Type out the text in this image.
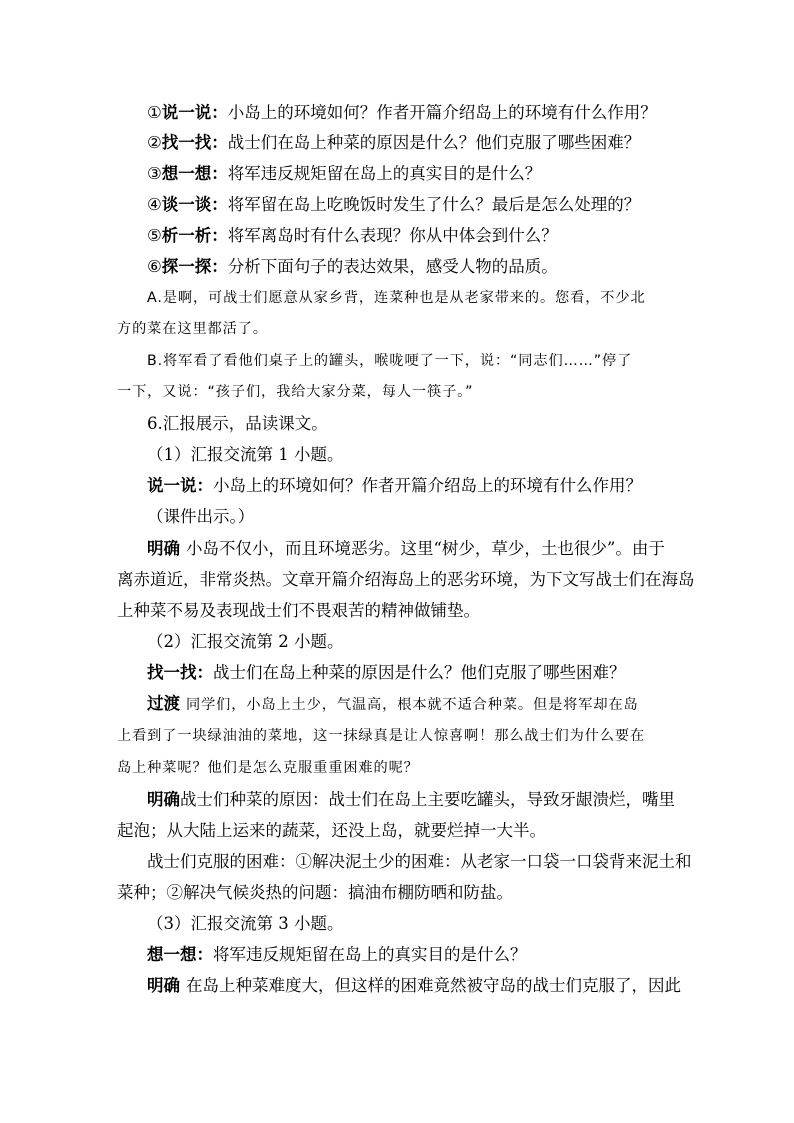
①说一说：小岛上的环境如何？作者开篇介绍岛上的环境有什么作用？
②找一找：战士们在岛上种菜的原因是什么？他们克服了哪些困难？
③想一想：将军违反规矩留在岛上的真实目的是什么？
④谈一谈：将军留在岛上吃晚饭时发生了什么？最后是怎么处理的？
⑤析一析：将军离岛时有什么表现？你从中体会到什么？
⑥探一探：分析下面句子的表达效果，感受人物的品质。
A.是啊，可战士们愿意从家乡背，连菜种也是从老家带来的。您看，不少北
方的菜在这里都活了。
B.将军看了看他们桌子上的罐头，喉咙哽了一下，说：“同志们……”停了
一下，又说：“孩子们，我给大家分菜，每人一筷子。”
6.汇报展示，品读课文。
（1）汇报交流第 1 小题。
说一说：小岛上的环境如何？作者开篇介绍岛上的环境有什么作用？
（课件出示。）
明确 小岛不仅小，而且环境恶劣。这里“树少，草少，土也很少”。由于
离赤道近，非常炎热。文章开篇介绍海岛上的恶劣环境，为下文写战士们在海岛
上种菜不易及表现战士们不畏艰苦的精神做铺垫。
（2）汇报交流第 2 小题。
找一找：战士们在岛上种菜的原因是什么？他们克服了哪些困难？
过渡 同学们，小岛上土少，气温高，根本就不适合种菜。但是将军却在岛
上看到了一块绿油油的菜地，这一抹绿真是让人惊喜啊！那么战士们为什么要在
岛上种菜呢？他们是怎么克服重重困难的呢？
明确战士们种菜的原因：战士们在岛上主要吃罐头，导致牙龈溃烂，嘴里
起泡；从大陆上运来的蔬菜，还没上岛，就要烂掉一大半。
战士们克服的困难：①解决泥土少的困难：从老家一口袋一口袋背来泥土和
菜种；②解决气候炎热的问题：搞油布棚防晒和防盐。
（3）汇报交流第 3 小题。
想一想：将军违反规矩留在岛上的真实目的是什么？
明确 在岛上种菜难度大，但这样的困难竟然被守岛的战士们克服了，因此
